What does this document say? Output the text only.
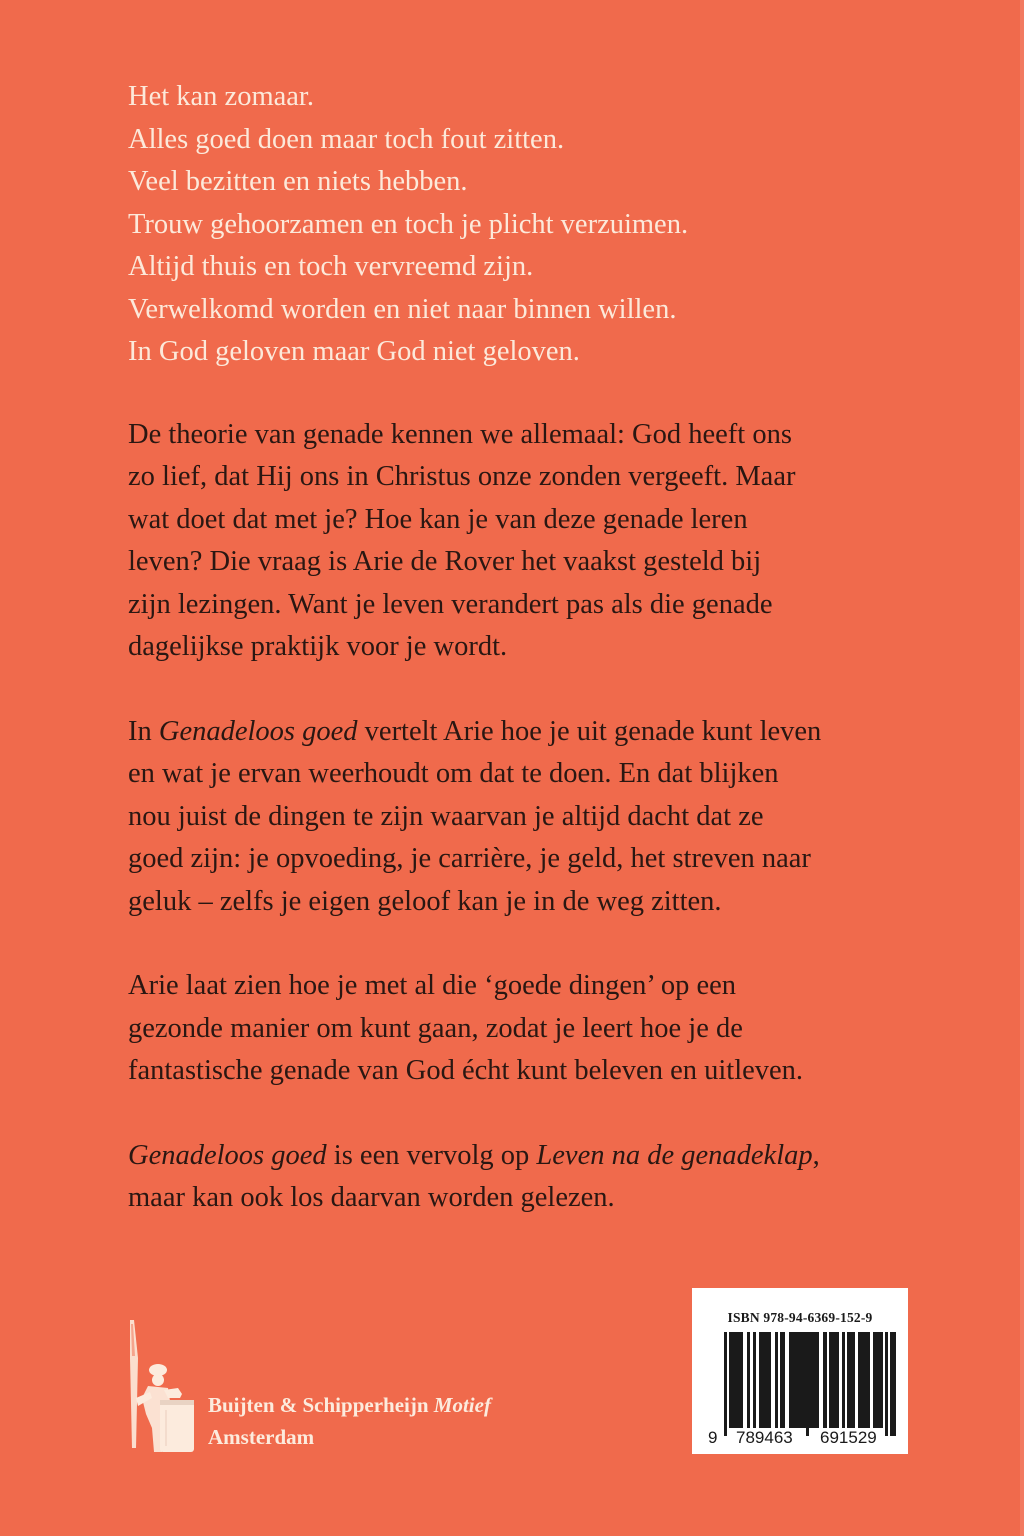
Het kan zomaar.
Alles goed doen maar toch fout zitten.
Veel bezitten en niets hebben.
Trouw gehoorzamen en toch je plicht verzuimen.
Altijd thuis en toch vervreemd zijn.
Verwelkomd worden en niet naar binnen willen.
In God geloven maar God niet geloven.
De theorie van genade kennen we allemaal: God heeft ons
zo lief, dat Hij ons in Christus onze zonden vergeeft. Maar
wat doet dat met je? Hoe kan je van deze genade leren
leven? Die vraag is Arie de Rover het vaakst gesteld bij
zijn lezingen. Want je leven verandert pas als die genade
dagelijkse praktijk voor je wordt.
In Genadeloos goed vertelt Arie hoe je uit genade kunt leven
en wat je ervan weerhoudt om dat te doen. En dat blijken
nou juist de dingen te zijn waarvan je altijd dacht dat ze
goed zijn: je opvoeding, je carrière, je geld, het streven naar
geluk – zelfs je eigen geloof kan je in de weg zitten.
Arie laat zien hoe je met al die ‘goede dingen’ op een
gezonde manier om kunt gaan, zodat je leert hoe je de
fantastische genade van God écht kunt beleven en uitleven.
Genadeloos goed is een vervolg op Leven na de genadeklap,
maar kan ook los daarvan worden gelezen.
Buijten & Schipperheijn Motief
Amsterdam
ISBN 978-94-6369-152-9
9 789463 691529
